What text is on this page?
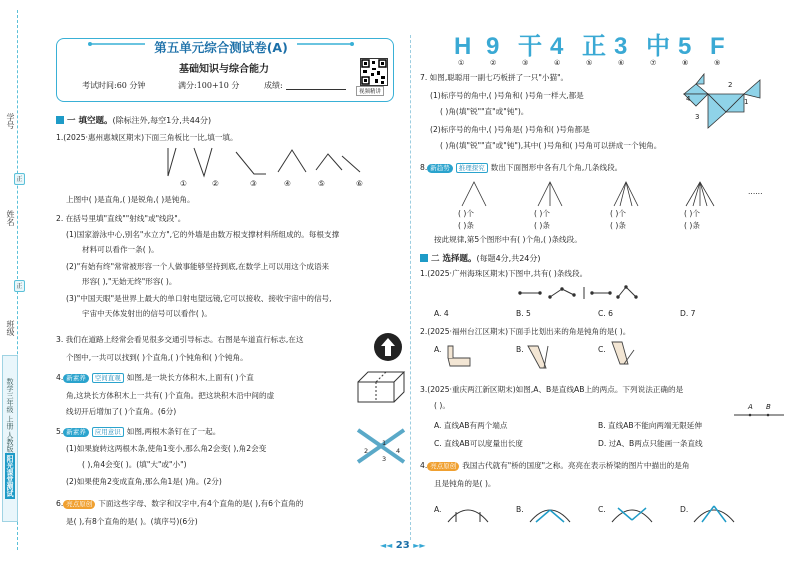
学号
姓名
班级
正
正
数学三年级 上册 人教版
阳光课堂测试
第五单元综合测试卷(A)
基础知识与综合能力
考试时间:60 分钟	满分:100+10 分	成绩:
视频精讲
一 填空题。(除标注外,每空1分,共44分)
1.(2025·惠州惠城区期末)下面三角板比一比,填一填。
①	②	③	④	⑤	⑥
上图中( )是直角,( )是锐角,( )是钝角。
2. 在括号里填"直线""射线"或"线段"。
(1)国家游泳中心,别名"水立方",它的外墙是由数万根支撑材料所组成的。每根支撑
材料可以看作一条( )。
(2)"有始有终"常常被形容一个人做事能够坚持到底,在数学上可以用这个成语来
形容( ),"无始无终"形容( )。
(3)"中国天眼"是世界上最大的单口射电望远镜,它可以接收、接收宇宙中的信号,
宇宙中天体发射出的信号可以看作( )。
3. 我们在道路上经常会看见很多交通引导标志。右图是车道直行标志,在这
个图中,一共可以找到( )个直角,( )个钝角和( )个钝角。
4. 新素养 空间直观 如图,是一块长方体积木,上面有( )个直
角,这块长方体积木上一共有( )个直角。把这块积木沿中间的虚
线切开后增加了( )个直角。(6分)
5. 新素养 应用意识 如图,两根木条钉在了一起。
(1)如果旋转这两根木条,使角1变小,那么角2会变( ),角2会变
( ),角4会变( )。(填"大"或"小")
(2)如果使角2变成直角,那么角1是( )角。(2分)
1
2
3
4
6. 亮点原创 下面这些字母、数字和汉字中,有4个直角的是( ),有6个直角的
是( ),有8个直角的是( )。(填序号)(6分)
H
①
9
②
干
③
4
④
正
⑤
3
⑥
中
⑦
5
⑧
F
⑨
7. 如图,聪聪用一副七巧板拼了一只"小猫"。
(1)标序号的角中,( )号角和( )号角一样大,都是
( )角(填"锐""直"或"钝")。
(2)标序号的角中,( )号角是( )号角和( )号角都是
( )角(填"锐""直"或"钝"),其中( )号角和( )号角可以拼成一个钝角。
2
1
4
3
8. 新趋势 推理探究 数出下面图形中各有几个角,几条线段。
......
( )个
( )条
( )个
( )条
( )个
( )条
( )个
( )条
按此规律,第5个图形中有( )个角,( )条线段。
二 选择题。(每题4分,共24分)
1.(2025·广州海珠区期末)下图中,共有( )条线段。
A. 4	B. 5	C. 6	D. 7
2.(2025·福州台江区期末)下面手比划出来的角是钝角的是( )。
A.	B.	C.
3.(2025·重庆两江新区期末)如图,A、B是直线AB上的两点。下列说法正确的是
( )。	A B
A. 直线AB有两个端点	B. 直线AB不能向两端无限延伸
C. 直线AB可以度量出长度	D. 过A、B两点只能画一条直线
4. 亮点原创 我国古代就有"桥的国度"之称。亮亮在表示桥梁的图片中描出的是角
且是钝角的是( )。
A.	B.	C.	D.
◄◄ 23 ►►
